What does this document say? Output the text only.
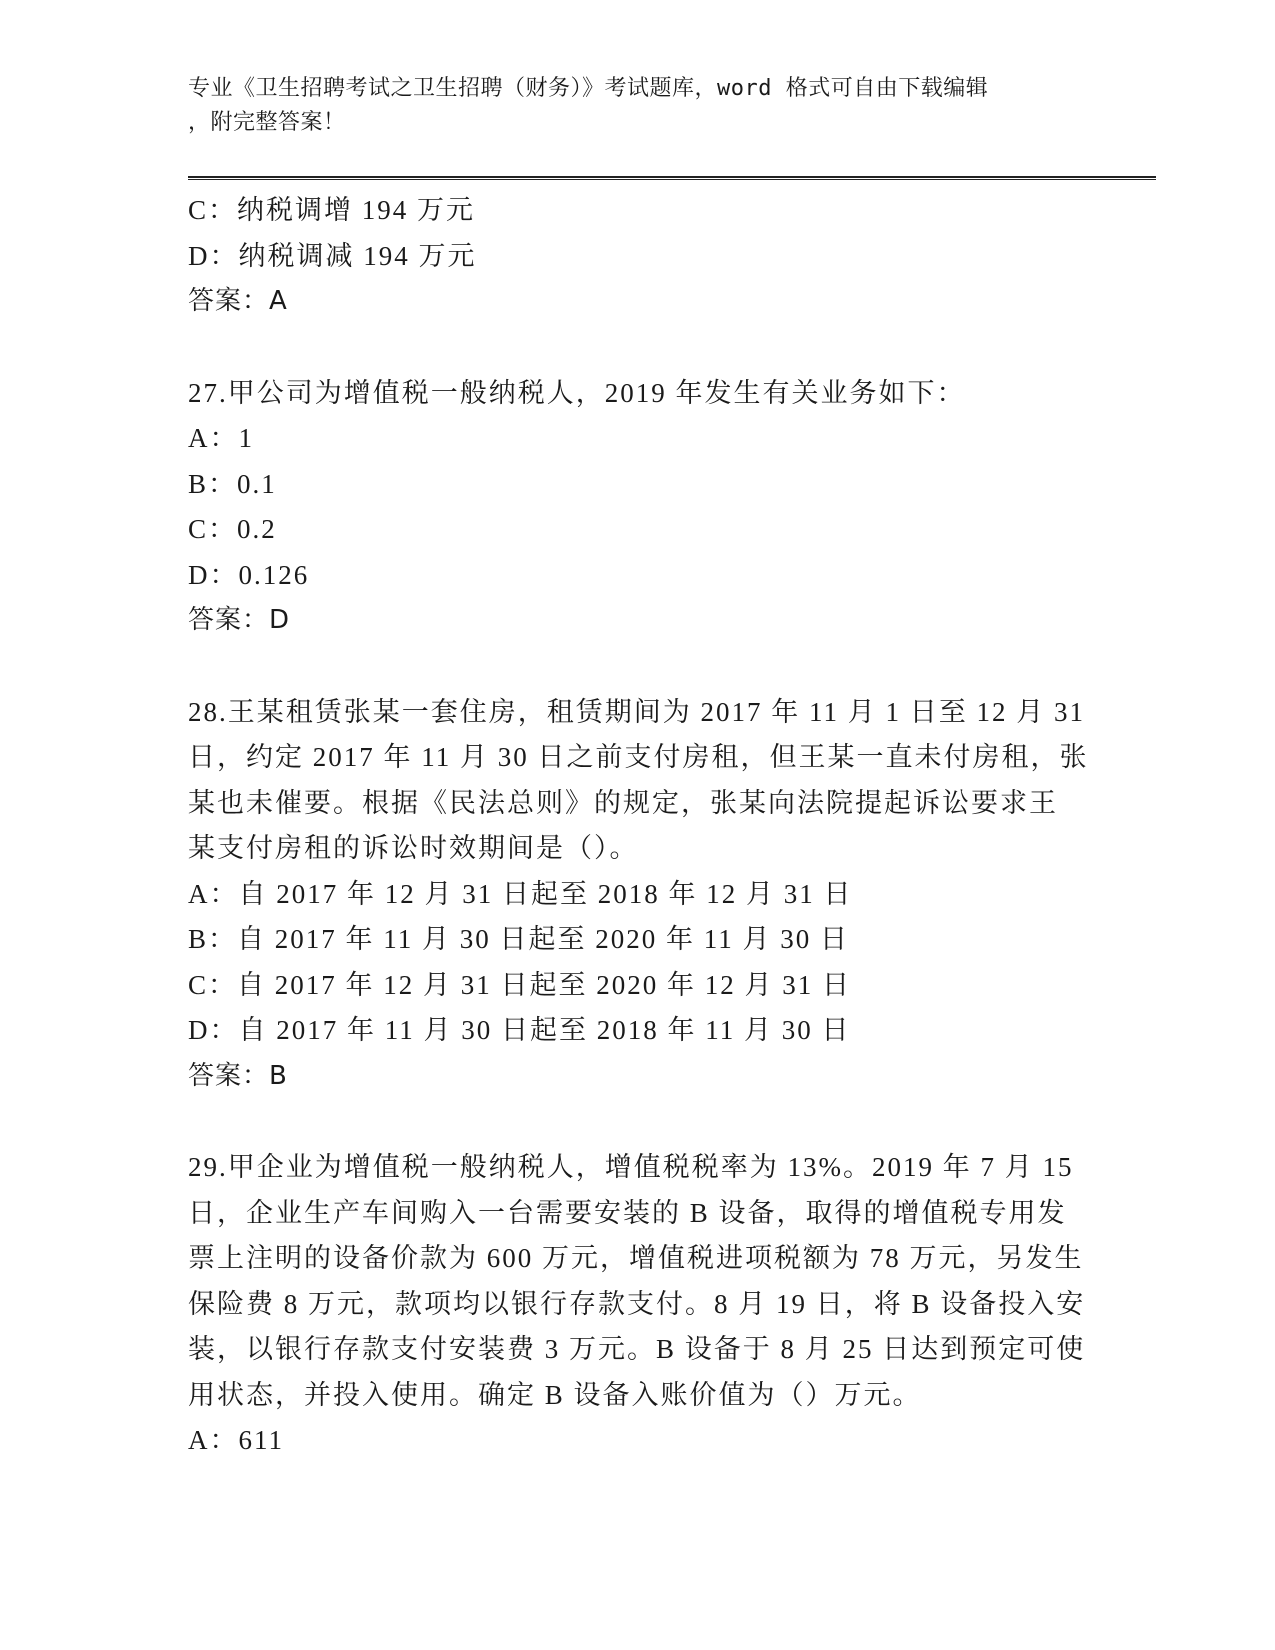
专业《卫生招聘考试之卫生招聘（财务）》考试题库，word 格式可自由下载编辑
，附完整答案！
C：纳税调增 194 万元
D：纳税调减 194 万元
答案：A
27.甲公司为增值税一般纳税人，2019 年发生有关业务如下：
A：1
B：0.1
C：0.2
D：0.126
答案：D
28.王某租赁张某一套住房，租赁期间为 2017 年 11 月 1 日至 12 月 31
日，约定 2017 年 11 月 30 日之前支付房租，但王某一直未付房租，张
某也未催要。根据《民法总则》的规定，张某向法院提起诉讼要求王
某支付房租的诉讼时效期间是（）。
A：自 2017 年 12 月 31 日起至 2018 年 12 月 31 日
B：自 2017 年 11 月 30 日起至 2020 年 11 月 30 日
C：自 2017 年 12 月 31 日起至 2020 年 12 月 31 日
D：自 2017 年 11 月 30 日起至 2018 年 11 月 30 日
答案：B
29.甲企业为增值税一般纳税人，增值税税率为 13%。2019 年 7 月 15
日，企业生产车间购入一台需要安装的 B 设备，取得的增值税专用发
票上注明的设备价款为 600 万元，增值税进项税额为 78 万元，另发生
保险费 8 万元，款项均以银行存款支付。8 月 19 日，将 B 设备投入安
装，以银行存款支付安装费 3 万元。B 设备于 8 月 25 日达到预定可使
用状态，并投入使用。确定 B 设备入账价值为（）万元。
A：611
